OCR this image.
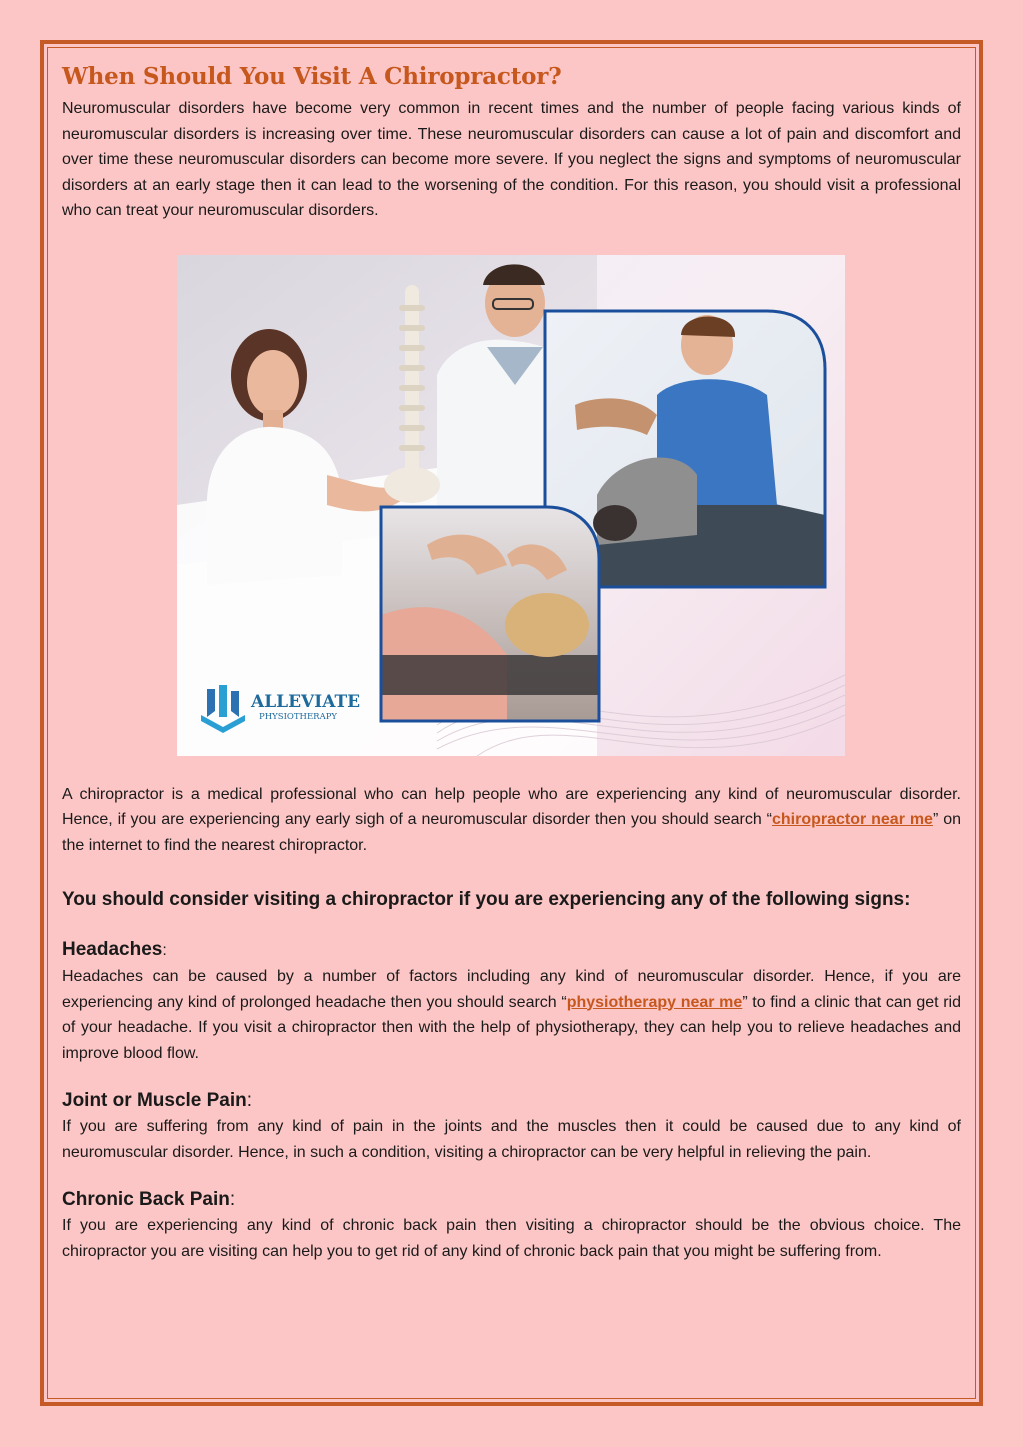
When Should You Visit A Chiropractor?

Neuromuscular disorders have become very common in recent times and the number of people facing various kinds of neuromuscular disorders is increasing over time. These neuromuscular disorders can cause a lot of pain and discomfort and over time these neuromuscular disorders can become more severe. If you neglect the signs and symptoms of neuromuscular disorders at an early stage then it can lead to the worsening of the condition. For this reason, you should visit a professional who can treat your neuromuscular disorders.

ALLEVIATE
PHYSIOTHERAPY

A chiropractor is a medical professional who can help people who are experiencing any kind of neuromuscular disorder. Hence, if you are experiencing any early sigh of a neuromuscular disorder then you should search “chiropractor near me” on the internet to find the nearest chiropractor.

You should consider visiting a chiropractor if you are experiencing any of the following signs:
Headaches:

Headaches can be caused by a number of factors including any kind of neuromuscular disorder. Hence, if you are experiencing any kind of prolonged headache then you should search “physiotherapy near me” to find a clinic that can get rid of your headache. If you visit a chiropractor then with the help of physiotherapy, they can help you to relieve headaches and improve blood flow.

Joint or Muscle Pain:

If you are suffering from any kind of pain in the joints and the muscles then it could be caused due to any kind of neuromuscular disorder. Hence, in such a condition, visiting a chiropractor can be very helpful in relieving the pain.

Chronic Back Pain:

If you are experiencing any kind of chronic back pain then visiting a chiropractor should be the obvious choice. The chiropractor you are visiting can help you to get rid of any kind of chronic back pain that you might be suffering from.
